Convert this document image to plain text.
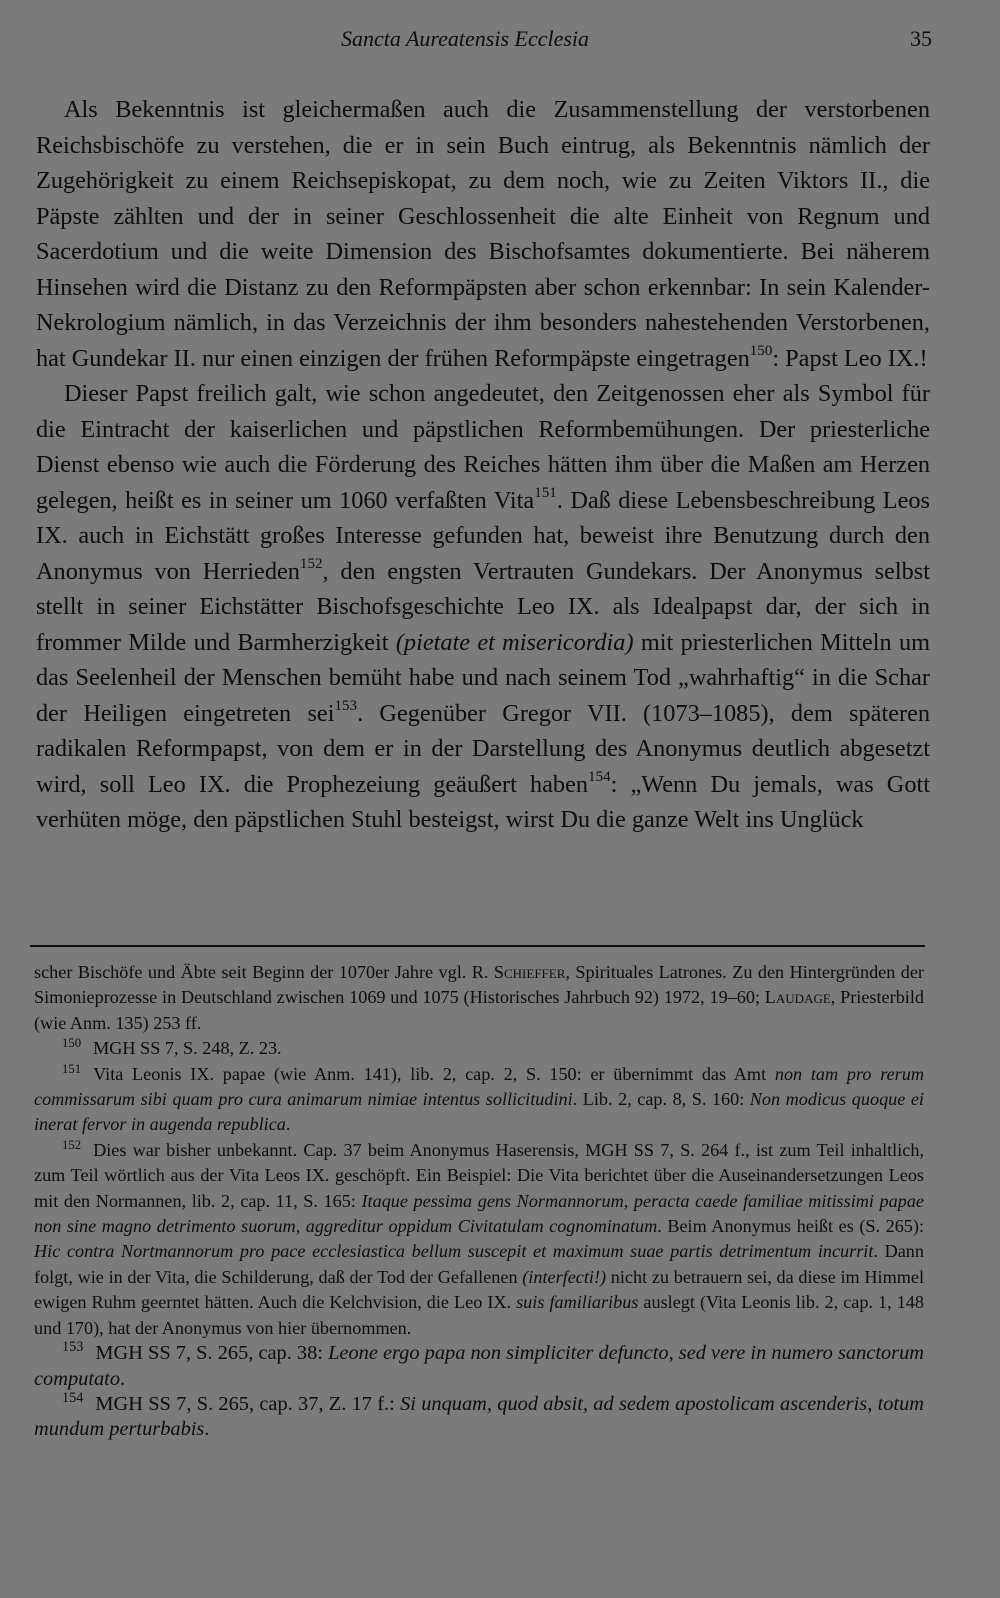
Sancta Aureatensis Ecclesia	35

Als Bekenntnis ist gleichermaßen auch die Zusammenstellung der verstorbenen Reichsbischöfe zu verstehen, die er in sein Buch eintrug, als Bekenntnis nämlich der Zugehörigkeit zu einem Reichsepiskopat, zu dem noch, wie zu Zeiten Viktors II., die Päpste zählten und der in seiner Geschlossenheit die alte Einheit von Regnum und Sacerdotium und die weite Dimension des Bischofsamtes dokumentierte. Bei näherem Hinsehen wird die Distanz zu den Reformpäpsten aber schon erkennbar: In sein Kalender-Nekrologium nämlich, in das Verzeichnis der ihm besonders nahestehenden Verstorbenen, hat Gundekar II. nur einen einzigen der frühen Reformpäpste eingetragen$^{150}$: Papst Leo IX.!

Dieser Papst freilich galt, wie schon angedeutet, den Zeitgenossen eher als Symbol für die Eintracht der kaiserlichen und päpstlichen Reformbemühungen. Der priesterliche Dienst ebenso wie auch die Förderung des Reiches hätten ihm über die Maßen am Herzen gelegen, heißt es in seiner um 1060 verfaßten Vita$^{151}$. Daß diese Lebensbeschreibung Leos IX. auch in Eichstätt großes Interesse gefunden hat, beweist ihre Benutzung durch den Anonymus von Herrieden$^{152}$, den engsten Vertrauten Gundekars. Der Anonymus selbst stellt in seiner Eichstätter Bischofsgeschichte Leo IX. als Idealpapst dar, der sich in frommer Milde und Barmherzigkeit (pietate et misericordia) mit priesterlichen Mitteln um das Seelenheil der Menschen bemüht habe und nach seinem Tod „wahrhaftig“ in die Schar der Heiligen eingetreten sei$^{153}$. Gegenüber Gregor VII. (1073–1085), dem späteren radikalen Reformpapst, von dem er in der Darstellung des Anonymus deutlich abgesetzt wird, soll Leo IX. die Prophezeiung geäußert haben$^{154}$: „Wenn Du jemals, was Gott verhüten möge, den päpstlichen Stuhl besteigst, wirst Du die ganze Welt ins Unglück

scher Bischöfe und Äbte seit Beginn der 1070er Jahre vgl. R. Schieffer, Spirituales Latrones. Zu den Hintergründen der Simonieprozesse in Deutschland zwischen 1069 und 1075 (Historisches Jahrbuch 92) 1972, 19–60; Laudage, Priesterbild (wie Anm. 135) 253 ff.

$^{150}$ MGH SS 7, S. 248, Z. 23.

$^{151}$ Vita Leonis IX. papae (wie Anm. 141), lib. 2, cap. 2, S. 150: er übernimmt das Amt non tam pro rerum commissarum sibi quam pro cura animarum nimiae intentus sollicitudini. Lib. 2, cap. 8, S. 160: Non modicus quoque ei inerat fervor in augenda republica.

$^{152}$ Dies war bisher unbekannt. Cap. 37 beim Anonymus Haserensis, MGH SS 7, S. 264 f., ist zum Teil inhaltlich, zum Teil wörtlich aus der Vita Leos IX. geschöpft. Ein Beispiel: Die Vita berichtet über die Auseinandersetzungen Leos mit den Normannen, lib. 2, cap. 11, S. 165: Itaque pessima gens Normannorum, peracta caede familiae mitissimi papae non sine magno detrimento suorum, aggreditur oppidum Civitatulam cognominatum. Beim Anonymus heißt es (S. 265): Hic contra Nortmannorum pro pace ecclesiastica bellum suscepit et maximum suae partis detrimentum incurrit. Dann folgt, wie in der Vita, die Schilderung, daß der Tod der Gefallenen (interfecti!) nicht zu betrauern sei, da diese im Himmel ewigen Ruhm geerntet hätten. Auch die Kelchvision, die Leo IX. suis familiaribus auslegt (Vita Leonis lib. 2, cap. 1, 148 und 170), hat der Anonymus von hier übernommen.

$^{153}$ MGH SS 7, S. 265, cap. 38: Leone ergo papa non simpliciter defuncto, sed vere in numero sanctorum computato.

$^{154}$ MGH SS 7, S. 265, cap. 37, Z. 17 f.: Si unquam, quod absit, ad sedem apostolicam ascenderis, totum mundum perturbabis.
